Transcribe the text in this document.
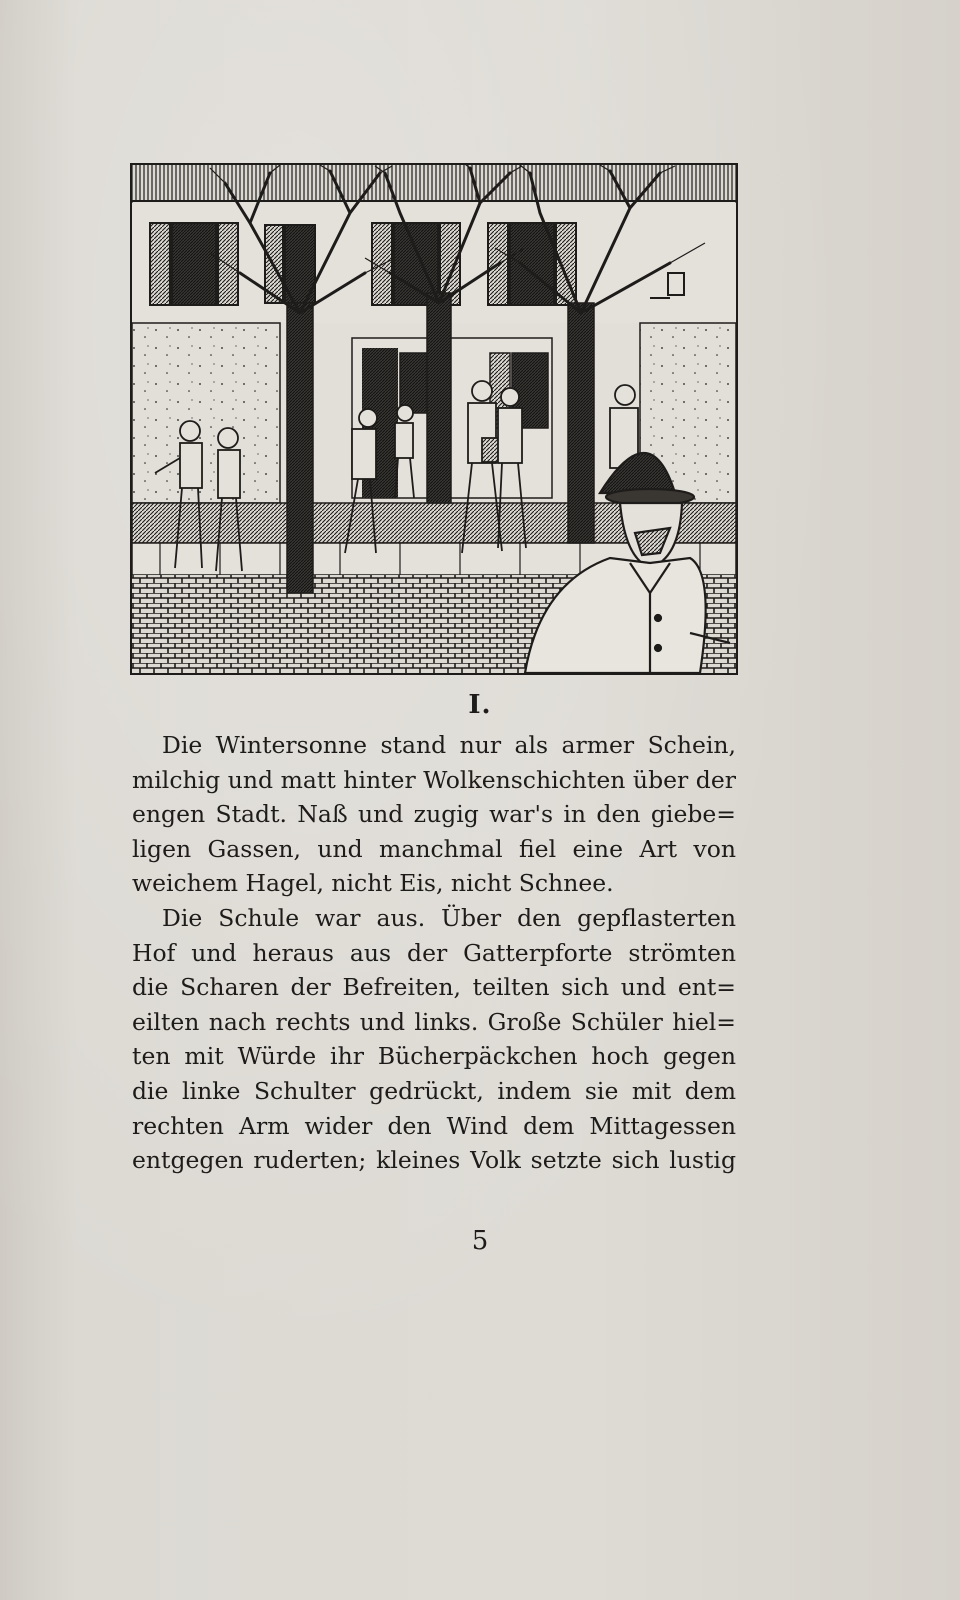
I.
Die Wintersonne stand nur als armer Schein,
milchig und matt hinter Wolkenschichten über der
engen Stadt. Naß und zugig war's in den giebe=
ligen Gassen, und manchmal fiel eine Art von
weichem Hagel, nicht Eis, nicht Schnee.
Die Schule war aus. Über den gepflasterten
Hof und heraus aus der Gatterpforte strömten
die Scharen der Befreiten, teilten sich und ent=
eilten nach rechts und links. Große Schüler hiel=
ten mit Würde ihr Bücherpäckchen hoch gegen
die linke Schulter gedrückt, indem sie mit dem
rechten Arm wider den Wind dem Mittagessen
entgegen ruderten; kleines Volk setzte sich lustig
5
